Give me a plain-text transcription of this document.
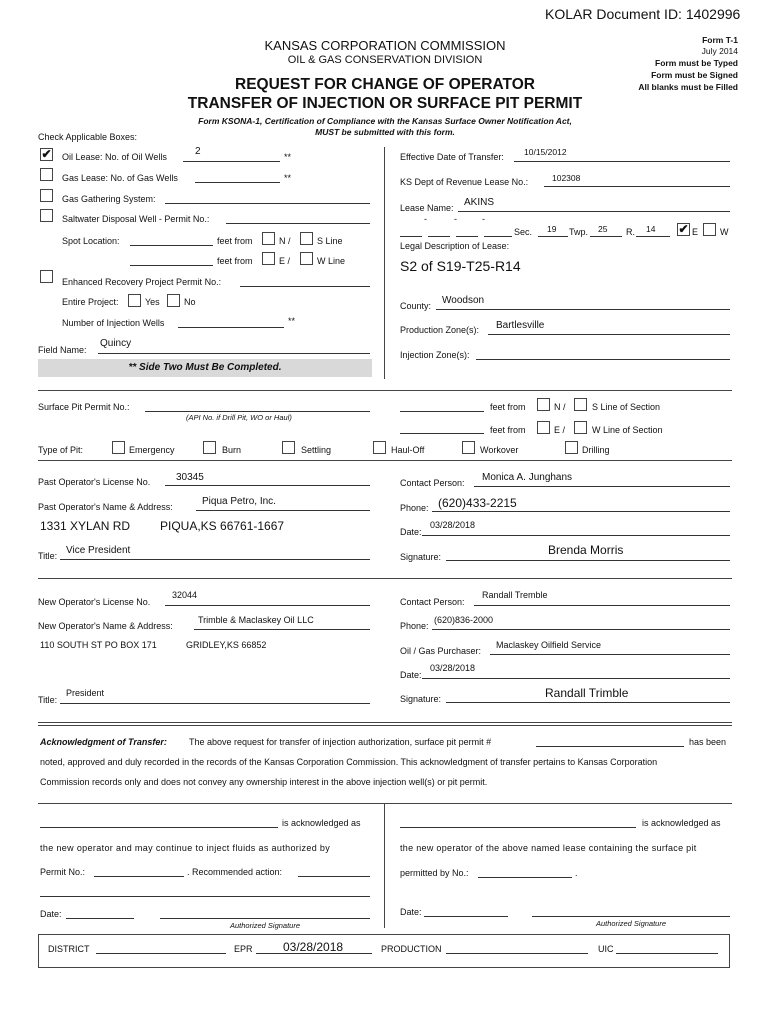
KOLAR Document ID: 1402996
KANSAS CORPORATION COMMISSION
OIL & GAS CONSERVATION DIVISION
Form T-1
July 2014
Form must be Typed
Form must be Signed
All blanks must be Filled
REQUEST FOR CHANGE OF OPERATOR
TRANSFER OF INJECTION OR SURFACE PIT PERMIT
Form KSONA-1, Certification of Compliance with the Kansas Surface Owner Notification Act,
MUST be submitted with this form.
Check Applicable Boxes:
✔ Oil Lease: No. of Oil Wells	2	**
Gas Lease: No. of Gas Wells	**
Gas Gathering System:
Saltwater Disposal Well - Permit No.:
Spot Location:	feet from	N /	S Line
feet from	E /	W Line
Enhanced Recovery Project Permit No.:
Entire Project:	Yes	No
Number of Injection Wells	**
Field Name:
Quincy
** Side Two Must Be Completed.
Effective Date of Transfer: 10/15/2012
KS Dept of Revenue Lease No.:	102308
Lease Name: AKINS
-	-	-
Sec. 19 Twp. 25 R. 14 ✔ E W
Legal Description of Lease:
S2 of S19-T25-R14
County: Woodson
Production Zone(s): Bartlesville
Injection Zone(s):
Surface Pit Permit No.:
(API No. if Drill Pit, WO or Haul)
feet from	N /	S Line of Section
feet from	E /	W Line of Section
Type of Pit:	Emergency	Burn	Settling	Haul-Off	Workover	Drilling
Past Operator's License No.	30345
Past Operator's Name & Address:	Piqua Petro, Inc.
1331 XYLAN RD PIQUA,KS 66761-1667
Title: Vice President
Contact Person: Monica A. Junghans
Phone: (620)433-2215
Date:
03/28/2018
Signature:	Brenda Morris
New Operator's License No.
32044
New Operator's Name & Address:
Trimble & Maclaskey Oil LLC
110 SOUTH ST PO BOX 171	GRIDLEY,KS 66852
Title:
President
Contact Person:
Randall Tremble
Phone:
(620)836-2000
Oil / Gas Purchaser:
Maclaskey Oilfield Service
Date:
03/28/2018
Signature:	Randall Trimble
Acknowledgment of Transfer: The above request for transfer of injection authorization, surface pit permit #	has been
noted, approved and duly recorded in the records of the Kansas Corporation Commission. This acknowledgment of transfer pertains to Kansas Corporation
Commission records only and does not convey any ownership interest in the above injection well(s) or pit permit.
is acknowledged as
the new operator and may continue to inject fluids as authorized by
Permit No.:	. Recommended action:
Date:
Authorized Signature
is acknowledged as
the new operator of the above named lease containing the surface pit
permitted by No.:	.
Date:
Authorized Signature
DISTRICT	EPR	03/28/2018	PRODUCTION	UIC
